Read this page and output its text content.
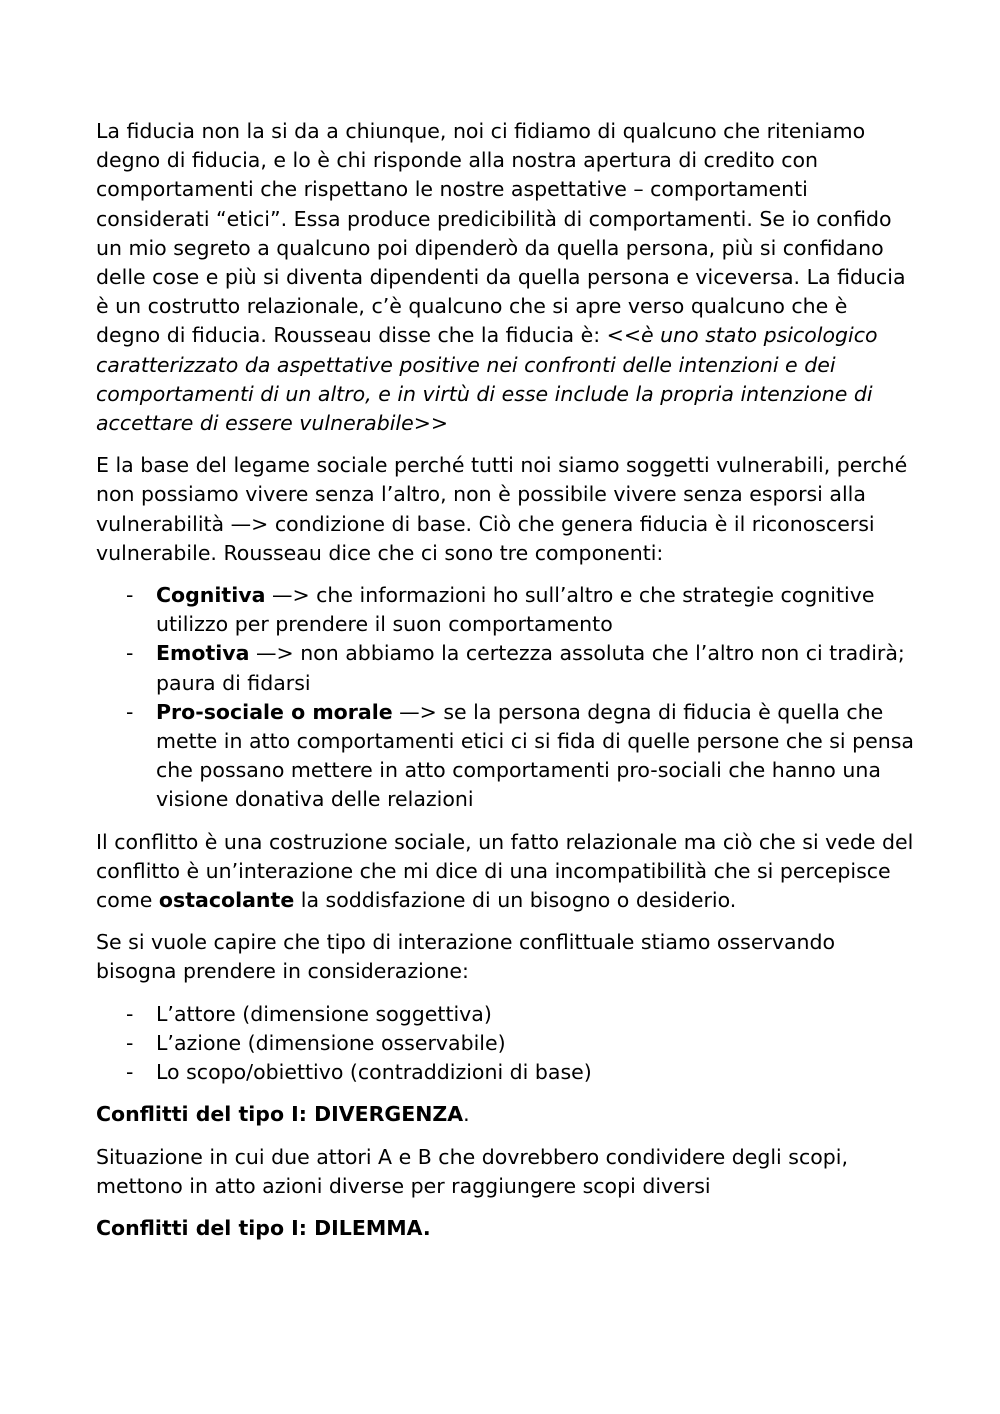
La fiducia non la si da a chiunque, noi ci fidiamo di qualcuno che riteniamo degno di fiducia, e lo è chi risponde alla nostra apertura di credito con comportamenti che rispettano le nostre aspettative – comportamenti considerati “etici”. Essa produce predicibilità di comportamenti. Se io confido un mio segreto a qualcuno poi dipenderò da quella persona, più si confidano delle cose e più si diventa dipendenti da quella persona e viceversa. La fiducia è un costrutto relazionale, c’è qualcuno che si apre verso qualcuno che è degno di fiducia. Rousseau disse che la fiducia è: <<è uno stato psicologico caratterizzato da aspettative positive nei confronti delle intenzioni e dei comportamenti di un altro, e in virtù di esse include la propria intenzione di accettare di essere vulnerabile>>

E la base del legame sociale perché tutti noi siamo soggetti vulnerabili, perché non possiamo vivere senza l’altro, non è possibile vivere senza esporsi alla vulnerabilità —> condizione di base. Ciò che genera fiducia è il riconoscersi vulnerabile. Rousseau dice che ci sono tre componenti:

- Cognitiva —> che informazioni ho sull’altro e che strategie cognitive utilizzo per prendere il suon comportamento
- Emotiva —> non abbiamo la certezza assoluta che l’altro non ci tradirà; paura di fidarsi
- Pro-sociale o morale —> se la persona degna di fiducia è quella che mette in atto comportamenti etici ci si fida di quelle persone che si pensa che possano mettere in atto comportamenti pro-sociali che hanno una visione donativa delle relazioni

Il conflitto è una costruzione sociale, un fatto relazionale ma ciò che si vede del conflitto è un’interazione che mi dice di una incompatibilità che si percepisce come ostacolante la soddisfazione di un bisogno o desiderio.

Se si vuole capire che tipo di interazione conflittuale stiamo osservando bisogna prendere in considerazione:

- L’attore (dimensione soggettiva)
- L’azione (dimensione osservabile)
- Lo scopo/obiettivo (contraddizioni di base)

Conflitti del tipo I: DIVERGENZA.

Situazione in cui due attori A e B che dovrebbero condividere degli scopi, mettono in atto azioni diverse per raggiungere scopi diversi

Conflitti del tipo I: DILEMMA.
